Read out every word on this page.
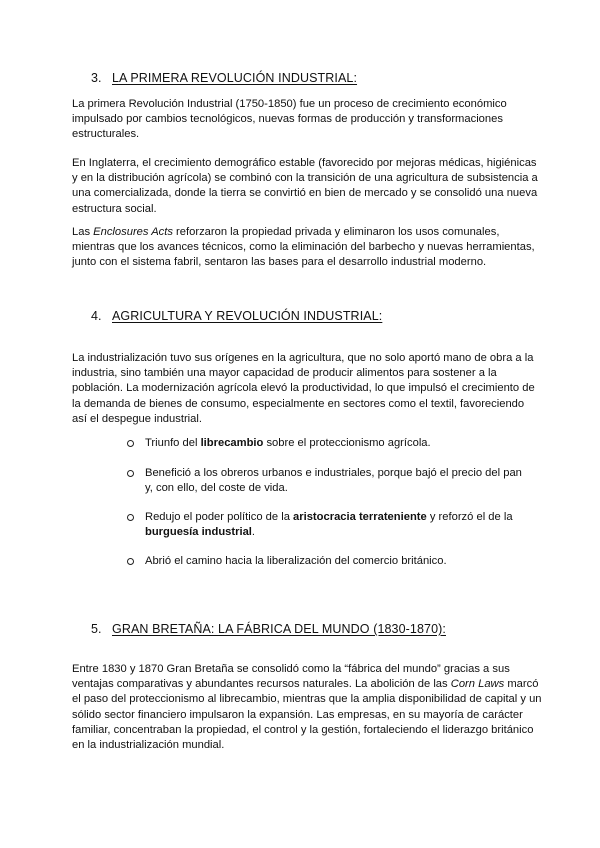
3. LA PRIMERA REVOLUCIÓN INDUSTRIAL:

La primera Revolución Industrial (1750-1850) fue un proceso de crecimiento económico impulsado por cambios tecnológicos, nuevas formas de producción y transformaciones estructurales.

En Inglaterra, el crecimiento demográfico estable (favorecido por mejoras médicas, higiénicas y en la distribución agrícola) se combinó con la transición de una agricultura de subsistencia a una comercializada, donde la tierra se convirtió en bien de mercado y se consolidó una nueva estructura social.

Las Enclosures Acts reforzaron la propiedad privada y eliminaron los usos comunales, mientras que los avances técnicos, como la eliminación del barbecho y nuevas herramientas, junto con el sistema fabril, sentaron las bases para el desarrollo industrial moderno.

4. AGRICULTURA Y REVOLUCIÓN INDUSTRIAL:

La industrialización tuvo sus orígenes en la agricultura, que no solo aportó mano de obra a la industria, sino también una mayor capacidad de producir alimentos para sostener a la población. La modernización agrícola elevó la productividad, lo que impulsó el crecimiento de la demanda de bienes de consumo, especialmente en sectores como el textil, favoreciendo así el despegue industrial.

Triunfo del librecambio sobre el proteccionismo agrícola.
Benefició a los obreros urbanos e industriales, porque bajó el precio del pan y, con ello, del coste de vida.
Redujo el poder político de la aristocracia terrateniente y reforzó el de la burguesía industrial.
Abrió el camino hacia la liberalización del comercio británico.
5. GRAN BRETAÑA: LA FÁBRICA DEL MUNDO (1830-1870):

Entre 1830 y 1870 Gran Bretaña se consolidó como la “fábrica del mundo” gracias a sus ventajas comparativas y abundantes recursos naturales. La abolición de las Corn Laws marcó el paso del proteccionismo al librecambio, mientras que la amplia disponibilidad de capital y un sólido sector financiero impulsaron la expansión. Las empresas, en su mayoría de carácter familiar, concentraban la propiedad, el control y la gestión, fortaleciendo el liderazgo británico en la industrialización mundial.
